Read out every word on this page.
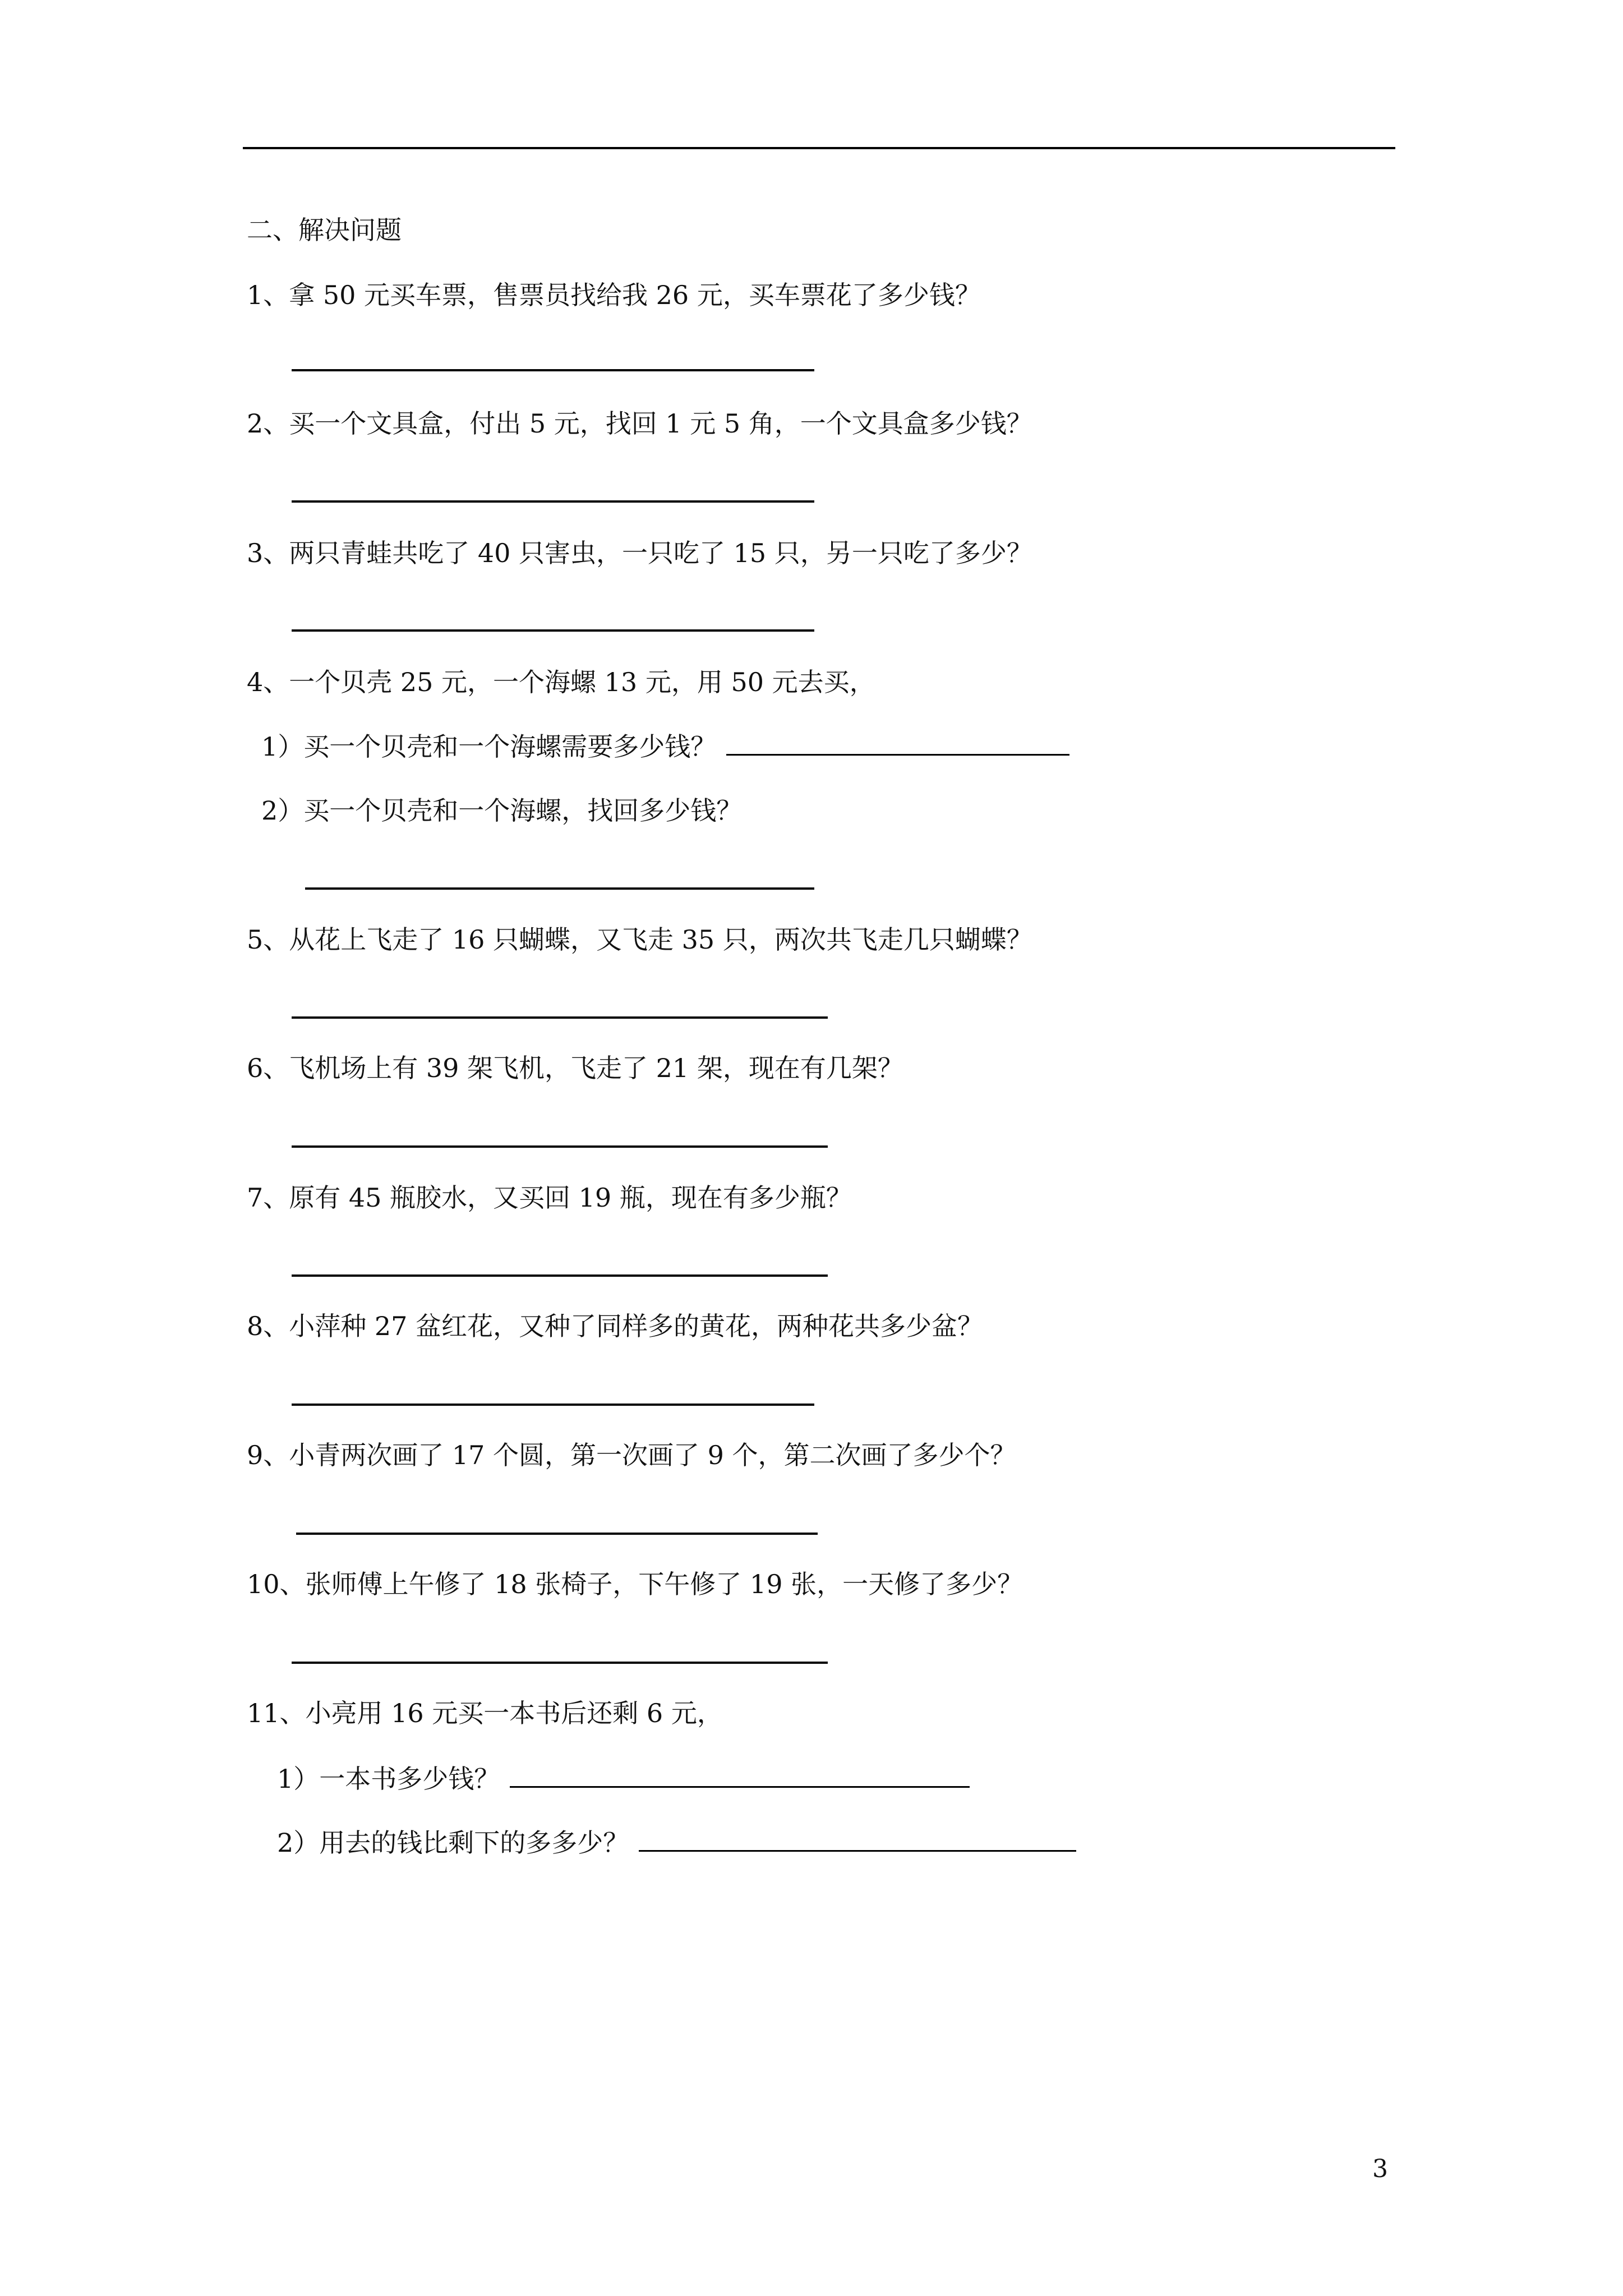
二、解决问题
1、拿 50 元买车票，售票员找给我 26 元，买车票花了多少钱？
2、买一个文具盒，付出 5 元，找回 1 元 5 角，一个文具盒多少钱？
3、两只青蛙共吃了 40 只害虫，一只吃了 15 只，另一只吃了多少？
4、一个贝壳 25 元，一个海螺 13 元，用 50 元去买，
1）买一个贝壳和一个海螺需要多少钱？
2）买一个贝壳和一个海螺，找回多少钱？
5、从花上飞走了 16 只蝴蝶，又飞走 35 只，两次共飞走几只蝴蝶？
6、飞机场上有 39 架飞机，飞走了 21 架，现在有几架？
7、原有 45 瓶胶水，又买回 19 瓶，现在有多少瓶？
8、小萍种 27 盆红花，又种了同样多的黄花，两种花共多少盆？
9、小青两次画了 17 个圆，第一次画了 9 个，第二次画了多少个？
10、张师傅上午修了 18 张椅子，下午修了 19 张，一天修了多少？
11、小亮用 16 元买一本书后还剩 6 元，
1）一本书多少钱？
2）用去的钱比剩下的多多少？
3
